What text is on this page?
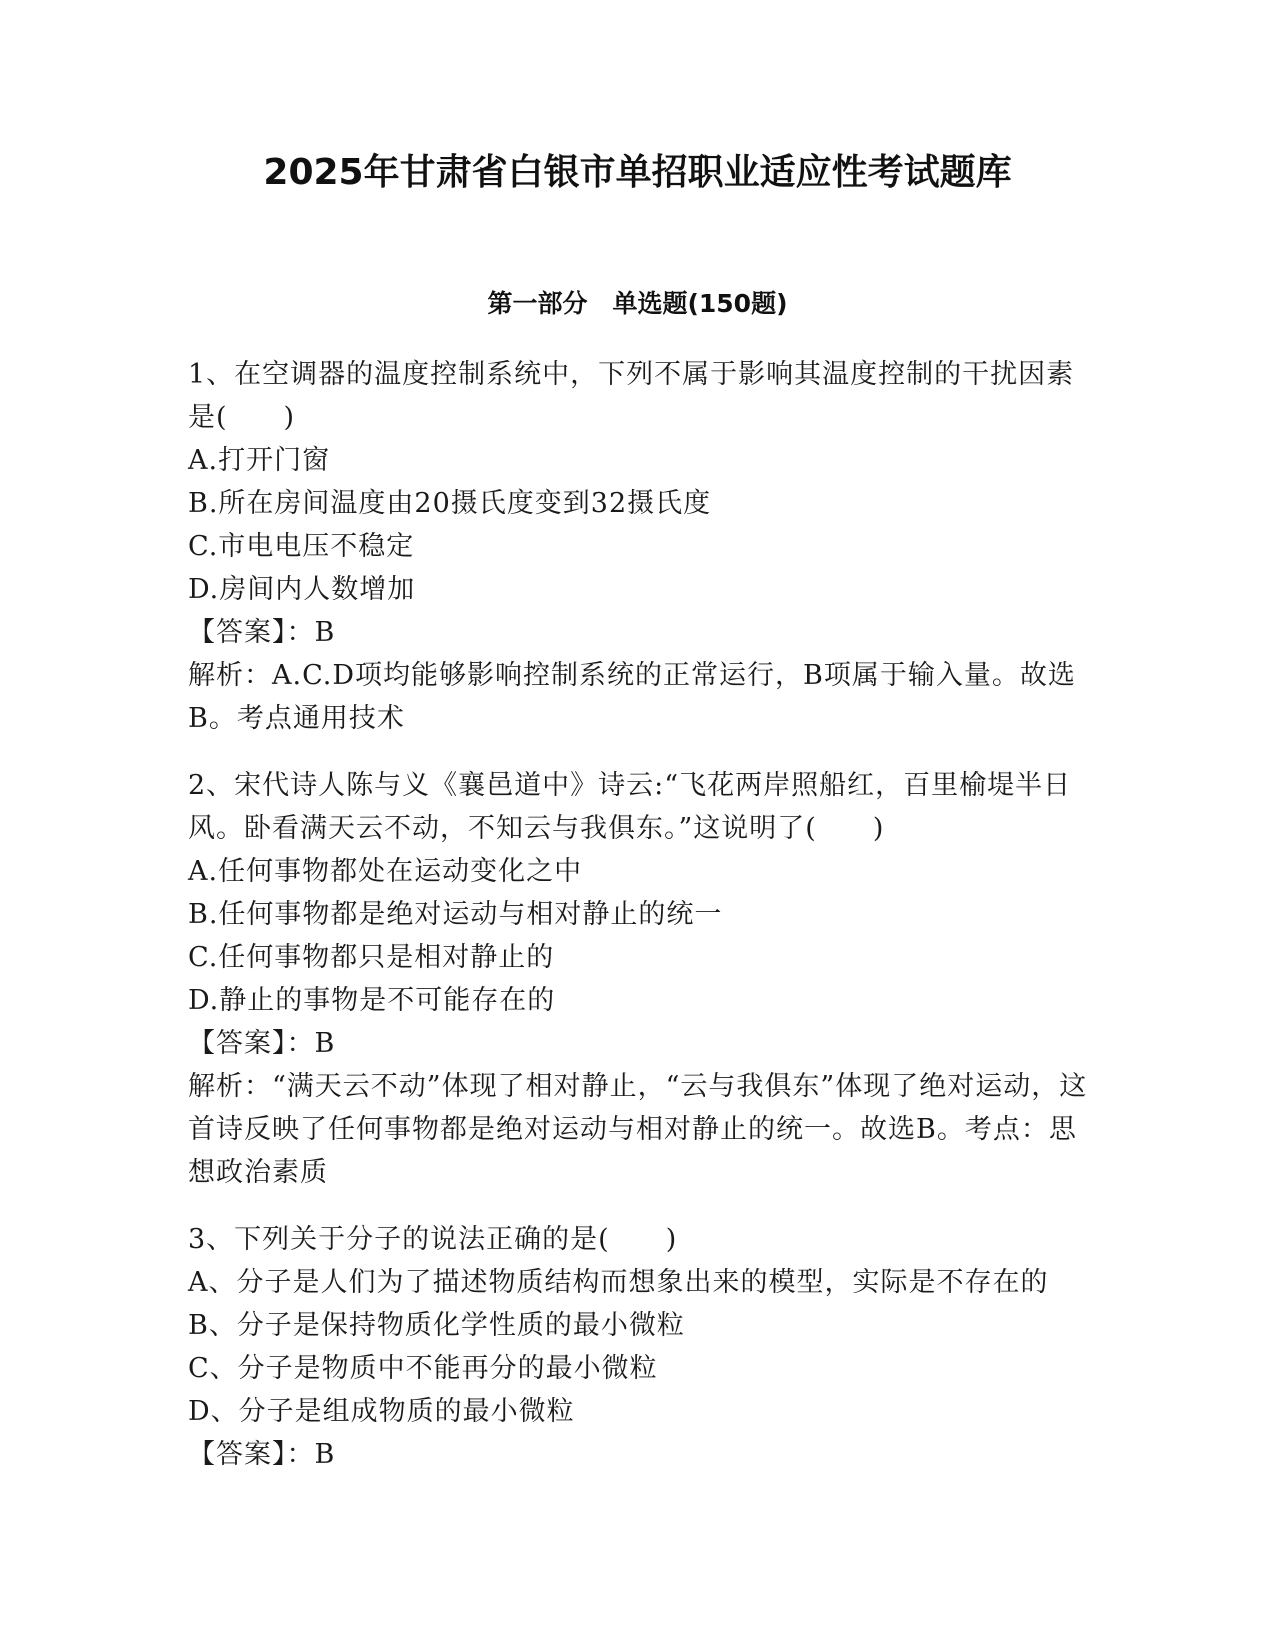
2025年甘肃省白银市单招职业适应性考试题库
第一部分　单选题(150题)

1、在空调器的温度控制系统中，下列不属于影响其温度控制的干扰因素是(　　)

A.打开门窗

B.所在房间温度由20摄氏度变到32摄氏度

C.市电电压不稳定

D.房间内人数增加

【答案】：B

解析：A.C.D项均能够影响控制系统的正常运行，B项属于输入量。故选B。考点通用技术

2、宋代诗人陈与义《襄邑道中》诗云:“飞花两岸照船红，百里榆堤半日风。卧看满天云不动，不知云与我俱东。”这说明了(　　)

A.任何事物都处在运动变化之中

B.任何事物都是绝对运动与相对静止的统一

C.任何事物都只是相对静止的

D.静止的事物是不可能存在的

【答案】：B

解析：“满天云不动”体现了相对静止，“云与我俱东”体现了绝对运动，这首诗反映了任何事物都是绝对运动与相对静止的统一。故选B。考点：思想政治素质

3、下列关于分子的说法正确的是(　　)

A、分子是人们为了描述物质结构而想象出来的模型，实际是不存在的

B、分子是保持物质化学性质的最小微粒

C、分子是物质中不能再分的最小微粒

D、分子是组成物质的最小微粒

【答案】：B
